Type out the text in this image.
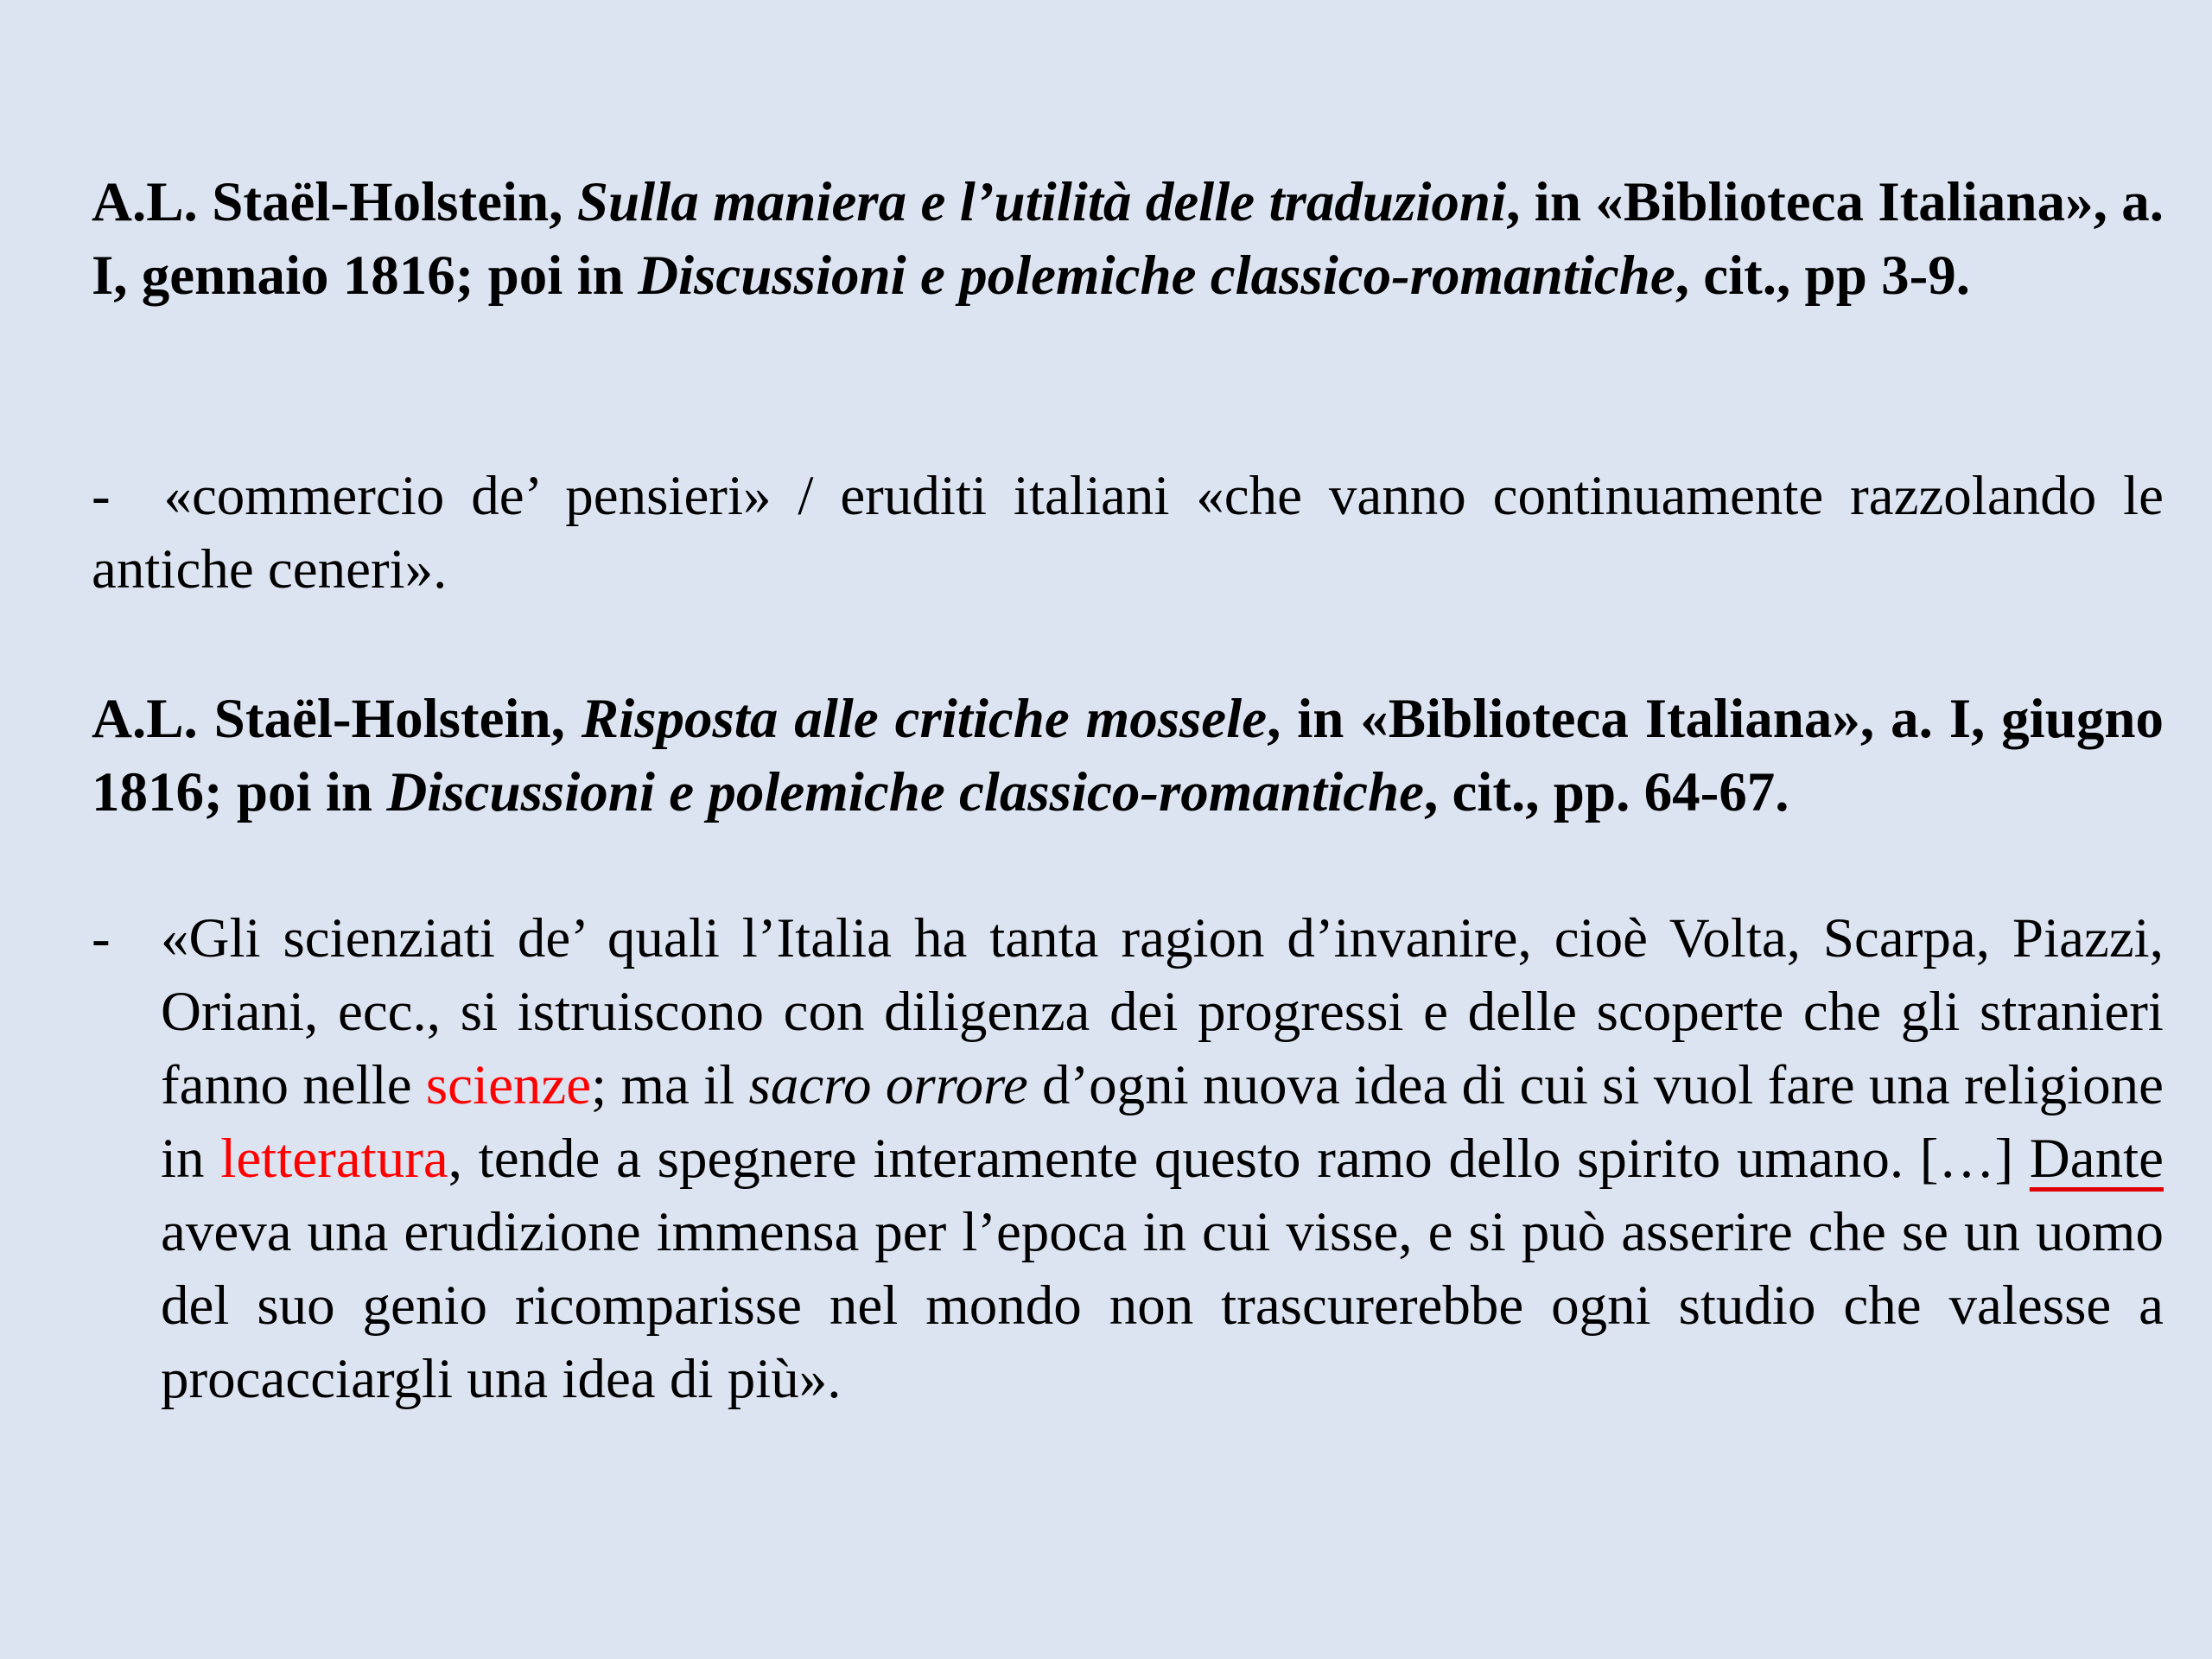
A.L. Staël-Holstein, Sulla maniera e l’utilità delle traduzioni, in «Biblioteca Italiana», a. I, gennaio 1816; poi in Discussioni e polemiche classico-romantiche, cit., pp 3-9.

- «commercio de’ pensieri» / eruditi italiani «che vanno continuamente razzolando le antiche ceneri».

A.L. Staël-Holstein, Risposta alle critiche mossele, in «Biblioteca Italiana», a. I, giugno 1816; poi in Discussioni e polemiche classico-romantiche, cit., pp. 64-67.

- «Gli scienziati de’ quali l’Italia ha tanta ragion d’invanire, cioè Volta, Scarpa, Piazzi, Oriani, ecc., si istruiscono con diligenza dei progressi e delle scoperte che gli stranieri fanno nelle scienze; ma il sacro orrore d’ogni nuova idea di cui si vuol fare una religione in letteratura, tende a spegnere interamente questo ramo dello spirito umano. […] Dante aveva una erudizione immensa per l’epoca in cui visse, e si può asserire che se un uomo del suo genio ricomparisse nel mondo non trascurerebbe ogni studio che valesse a procacciargli una idea di più».
